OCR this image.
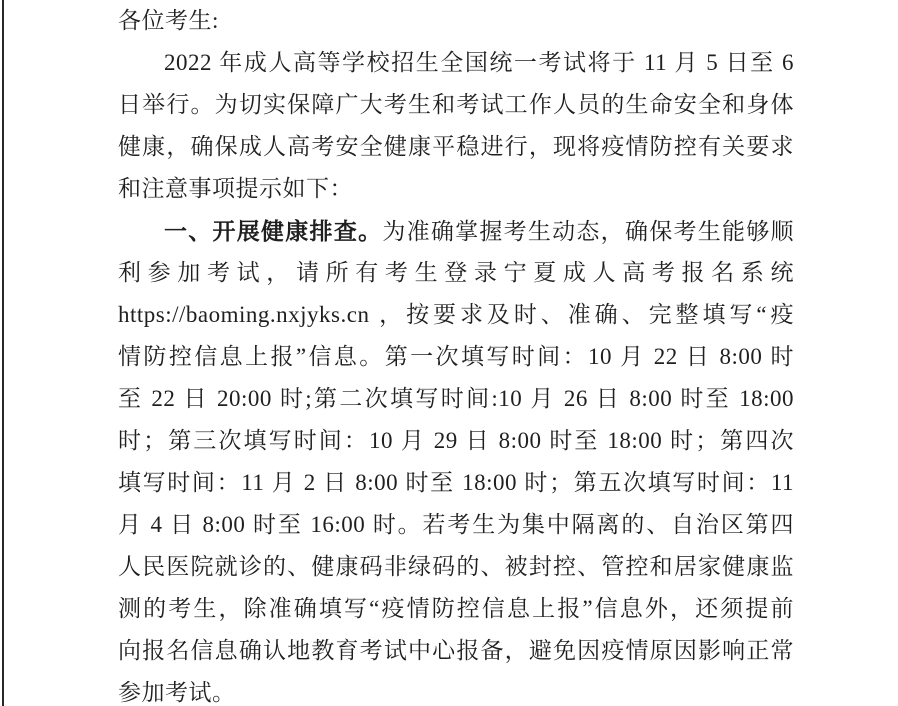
各位考生:
2022 年成人高等学校招生全国统一考试将于 11 月 5 日至 6
日举行。为切实保障广大考生和考试工作人员的生命安全和身体
健康，确保成人高考安全健康平稳进行，现将疫情防控有关要求
和注意事项提示如下：
一、开展健康排查。为准确掌握考生动态，确保考生能够顺
利参加考试，请所有考生登录宁夏成人高考报名系统
https://baoming.nxjyks.cn ，按要求及时、准确、完整填写“疫
情防控信息上报”信息。第一次填写时间：10 月 22 日 8:00 时
至 22 日 20:00 时;第二次填写时间:10 月 26 日 8:00 时至 18:00
时；第三次填写时间：10 月 29 日 8:00 时至 18:00 时；第四次
填写时间：11 月 2 日 8:00 时至 18:00 时；第五次填写时间：11
月 4 日 8:00 时至 16:00 时。若考生为集中隔离的、自治区第四
人民医院就诊的、健康码非绿码的、被封控、管控和居家健康监
测的考生，除准确填写“疫情防控信息上报”信息外，还须提前
向报名信息确认地教育考试中心报备，避免因疫情原因影响正常
参加考试。
